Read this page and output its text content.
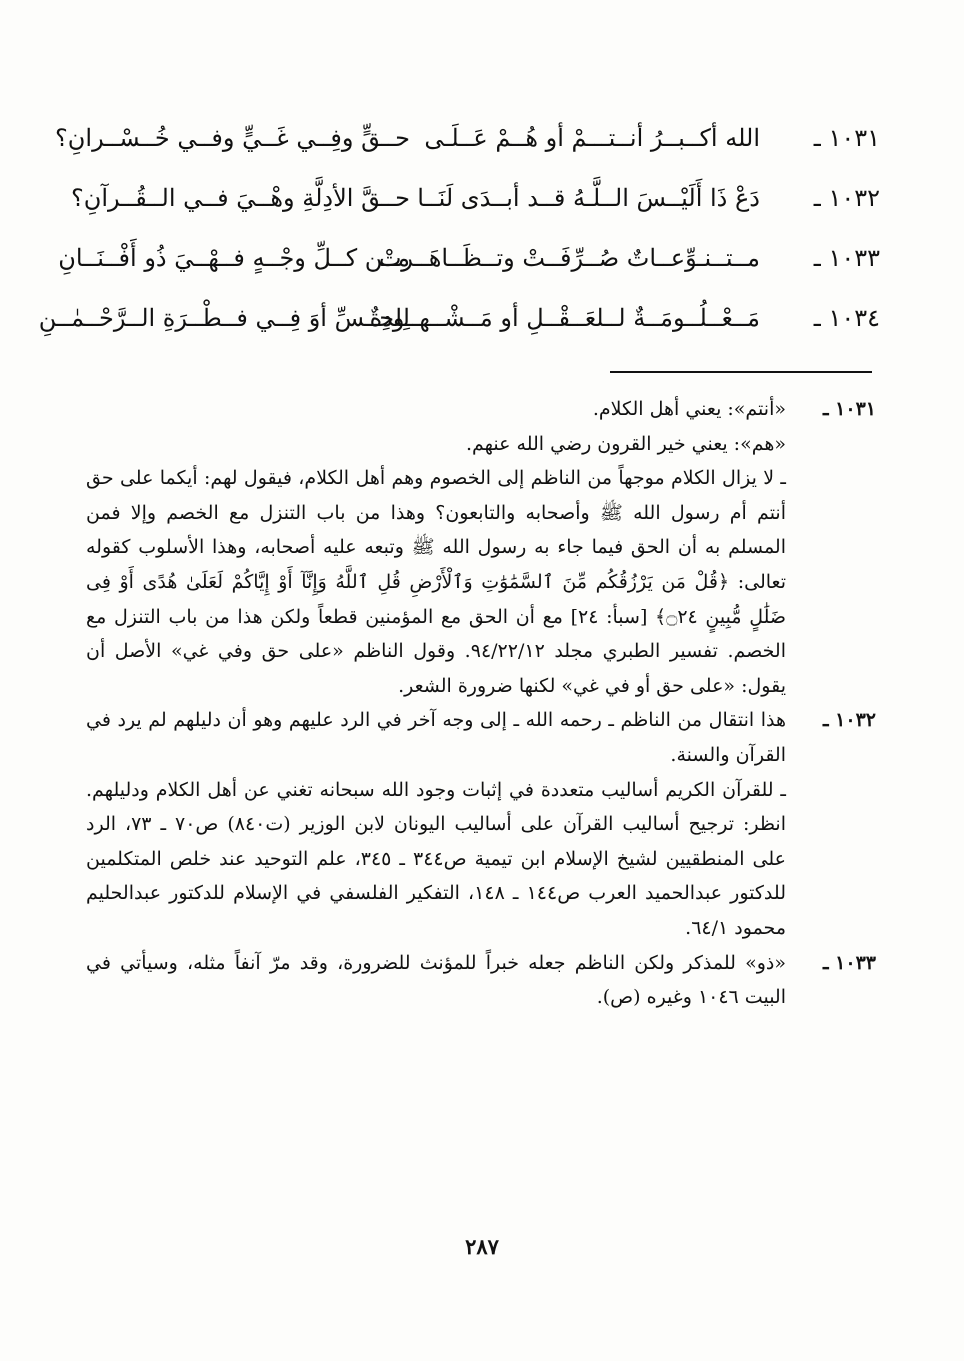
١٠٣١ ـ
الله أكــبــرُ أنــتـــمْ أو هُــمْ عَــلَـى
حــقٍّ وفِــي غَــيٍّ وفــي خُــسْــرانِ؟
١٠٣٢ ـ
دَعْ ذَا أَلَيْــسَ الــلَّـهُ قــد أبــدَى لَنَــا
حــقَّ الأدِلَّةِ وهْــيَ فــي الــقُــرآنِ؟
١٠٣٣ ـ
مــتــنـوِّعــاتٌ صُــرِّفَــتْ وتــظَــاهَــرتْ
مِــن كــلِّ وجْــهٍ فــهْــيَ ذُو أَفْــنَــانِ
١٠٣٤ ـ
مَــعْــلُــومَــةٌ لــلعَــقْــلِ أو مَــشْــهــودةٌ
لِلحِــسِّ أوَ فِــي فــطْــرَةِ الــرَّحْــمٰــنِ
١٠٣١ ـ

«أنتم»: يعني أهل الكلام.

«هم»: يعني خير القرون رضي الله عنهم.

ـ لا يزال الكلام موجهاً من الناظم إلى الخصوم وهم أهل الكلام، فيقول لهم: أيكما على حق أنتم أم رسول الله ﷺ وأصحابه والتابعون؟ وهذا من باب التنزل مع الخصم وإلا فمن المسلم به أن الحق فيما جاء به رسول الله ﷺ وتبعه عليه أصحابه، وهذا الأسلوب كقوله تعالى: ﴿قُلْ مَن يَرْزُقُكُم مِّنَ ٱلسَّمَٰوَٰتِ وَٱلْأَرْضِ قُلِ ٱللَّهُ وَإِنَّآ أَوْ إِيَّاكُمْ لَعَلَىٰ هُدًى أَوْ فِى ضَلَٰلٍ مُّبِينٍ ۝٢٤﴾ [سبأ: ٢٤] مع أن الحق مع المؤمنين قطعاً ولكن هذا من باب التنزل مع الخصم. تفسير الطبري مجلد ٩٤/٢٢/١٢. وقول الناظم «على حق وفي غي» الأصل أن يقول: «على حق أو في غي» لكنها ضرورة الشعر.

١٠٣٢ ـ

هذا انتقال من الناظم ـ رحمه الله ـ إلى وجه آخر في الرد عليهم وهو أن دليلهم لم يرد في القرآن والسنة.

ـ للقرآن الكريم أساليب متعددة في إثبات وجود الله سبحانه تغني عن أهل الكلام ودليلهم. انظر: ترجيح أساليب القرآن على أساليب اليونان لابن الوزير (ت٨٤٠) ص٧٠ ـ ٧٣، الرد على المنطقيين لشيخ الإسلام ابن تيمية ص٣٤٤ ـ ٣٤٥، علم التوحيد عند خلص المتكلمين للدكتور عبدالحميد العرب ص١٤٤ ـ ١٤٨، التفكير الفلسفي في الإسلام للدكتور عبدالحليم محمود ٦٤/١.

١٠٣٣ ـ

«ذو» للمذكر ولكن الناظم جعله خبراً للمؤنث للضرورة، وقد مرّ آنفاً مثله، وسيأتي في البيت ١٠٤٦ وغيره (ص).

٢٨٧
